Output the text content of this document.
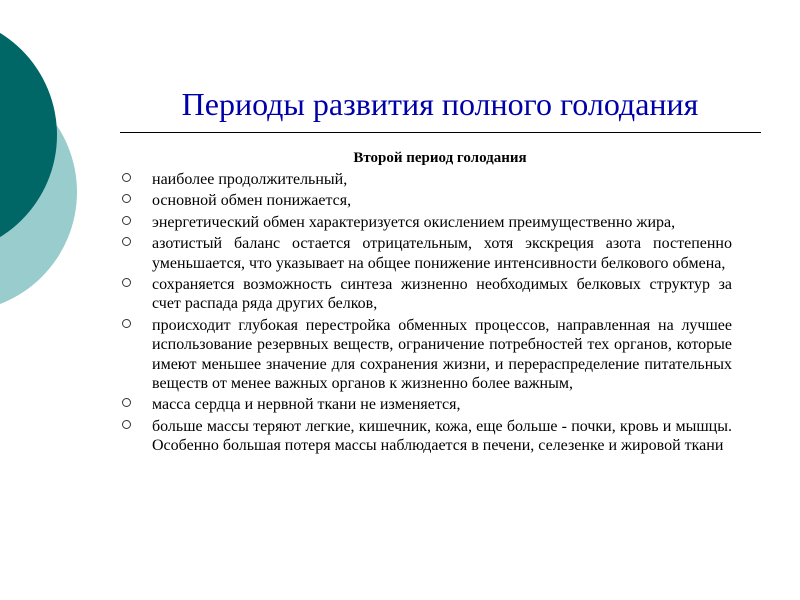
Периоды развития полного голодания
Второй период голодания
наиболее продолжительный,
основной обмен понижается,
энергетический обмен характеризуется окислением преимущественно жира,
азотистый баланс остается отрицательным, хотя экскреция азота постепенно уменьшается, что указывает на общее понижение интенсивности белкового обмена,
сохраняется возможность синтеза жизненно необходимых белковых структур за счет распада ряда других белков,
происходит глубокая перестройка обменных процессов, направленная на лучшее использование резервных веществ, ограничение потребностей тех органов, которые имеют меньшее значение для сохранения жизни, и перераспределение питательных веществ от менее важных органов к жизненно более важным,
масса сердца и нервной ткани не изменяется,
больше массы теряют легкие, кишечник, кожа, еще больше - почки, кровь и мышцы. Особенно большая потеря массы наблюдается в печени, селезенке и жировой ткани
